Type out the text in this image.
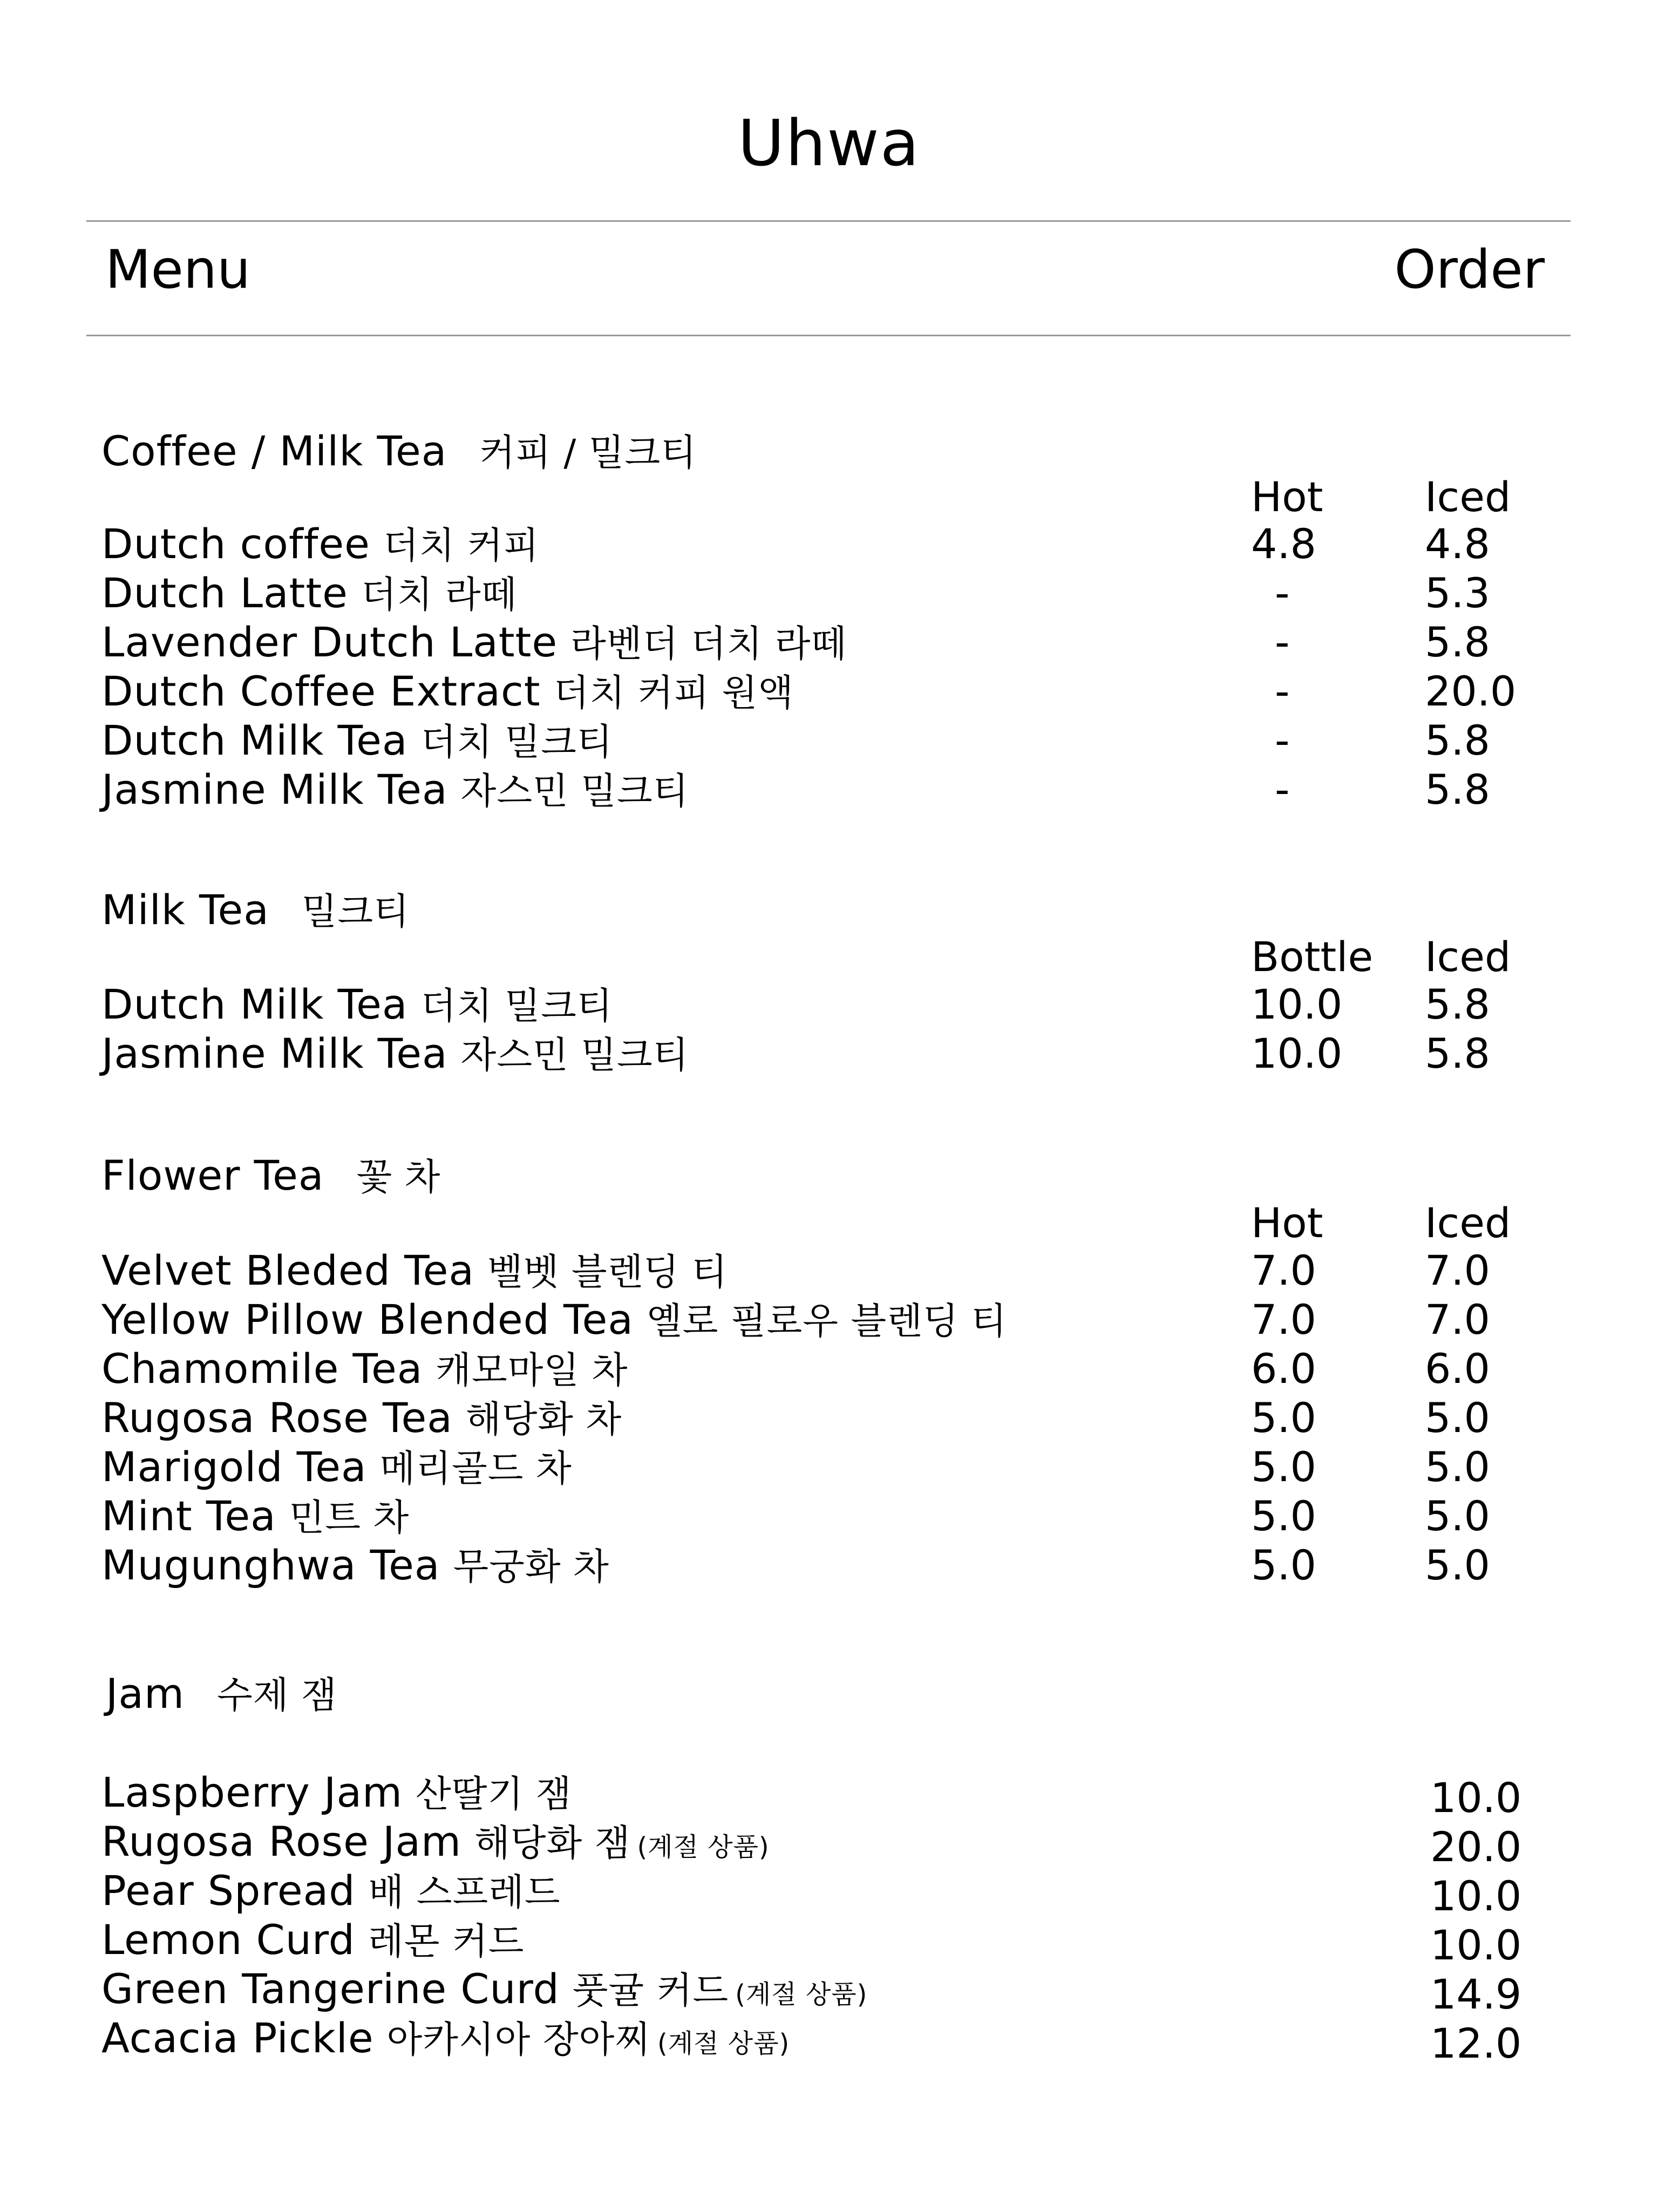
Uhwa
Menu	Order
Coffee / Milk Tea 커피 / 밀크티
Hot Iced
Dutch coffee 더치 커피	4.8	4.8
Dutch Latte 더치 라떼	-	5.3
Lavender Dutch Latte 라벤더 더치 라떼	-	5.8
Dutch Coffee Extract 더치 커피 원액	-	20.0
Dutch Milk Tea 더치 밀크티	-	5.8
Jasmine Milk Tea 자스민 밀크티	-	5.8
Milk Tea 밀크티
Bottle Iced
Dutch Milk Tea 더치 밀크티	10.0 5.8
Jasmine Milk Tea 자스민 밀크티	10.0 5.8
Flower Tea 꽃 차
Hot Iced
Velvet Bleded Tea 벨벳 블렌딩 티	7.0	7.0
Yellow Pillow Blended Tea 옐로 필로우 블렌딩 티	7.0	7.0
Chamomile Tea 캐모마일 차	6.0	6.0
Rugosa Rose Tea 해당화 차	5.0	5.0
Marigold Tea 메리골드 차	5.0	5.0
Mint Tea 민트 차	5.0	5.0
Mugunghwa Tea 무궁화 차	5.0	5.0
Jam 수제 잼
Laspberry Jam 산딸기 잼	10.0
Rugosa Rose Jam 해당화 잼 (계절 상품)	20.0
Pear Spread 배 스프레드	10.0
Lemon Curd 레몬 커드	10.0
Green Tangerine Curd 풋귤 커드 (계절 상품)	14.9
Acacia Pickle 아카시아 장아찌 (계절 상품)	12.0
